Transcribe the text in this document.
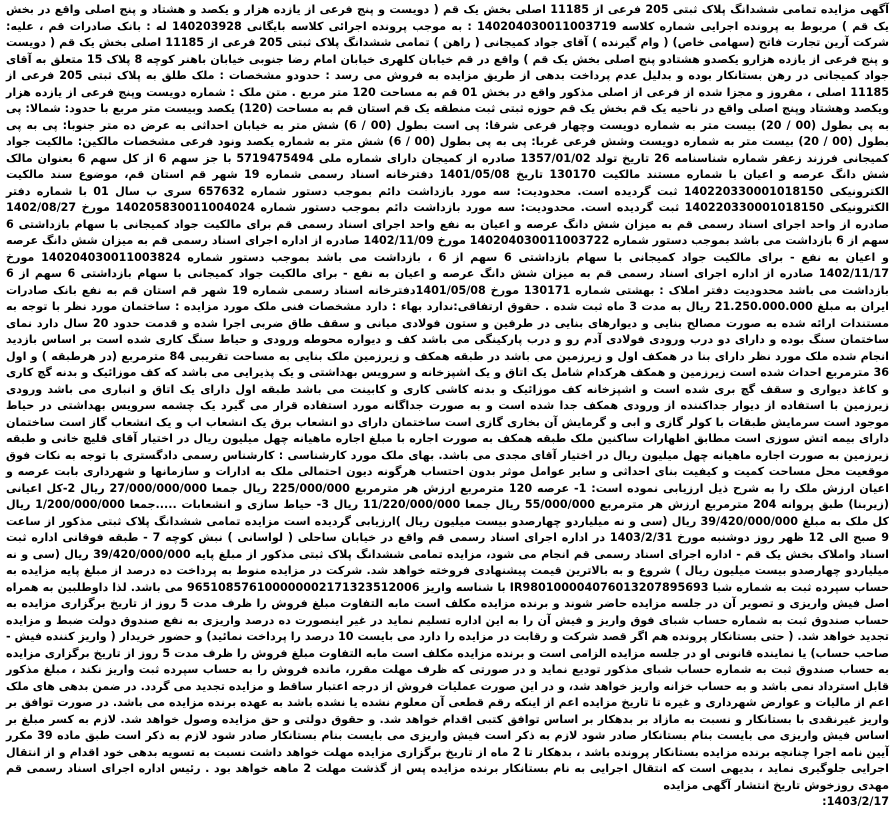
آگهی مزایده تمامی ششدانگ پلاک ثبتی 205 فرعی از 11185 اصلی بخش یک قم ( دویست و پنج فرعی از یازده هزار و یکصد و هشتاد و پنج اصلی واقع در بخش یک قم ) مربوط به پرونده اجرایی شماره کلاسه 140204030011003719 : به موجب پرونده اجرائی کلاسه بایگانی 140203928 له : بانک صادرات قم ، علیه: شرکت آرین تجارت فاتح (سهامی خاص) ( وام گیرنده ) آقای جواد کمیجانی ( راهن ) تمامی ششدانگ پلاک ثبتی 205 فرعی از 11185 اصلی بخش یک قم ( دویست و پنج فرعی از یازده هزارو یکصدو هشتادو پنج اصلی بخش یک قم ) واقع در قم خیابان کلهری خیابان امام رضا جنوبی خیابان باهنر کوچه 8 پلاک 15 متعلق به آقای جواد کمیجانی در رهن بستانکار بوده و بدلیل عدم پرداخت بدهی از طریق مزایده به فروش می رسد : حدودو مشخصات : ملک طلق به پلاک ثبتی 205 فرعی از 11185 اصلی ، مفروز و مجزا شده از فرعی از اصلی مذکور واقع در بخش 01 قم به مساحت 120 متر مربع . متن ملک : شماره دویست وپنج فرعی از یازده هزار ویکصد وهشتاد وپنج اصلی واقع در ناحیه یک قم بخش یک قم حوزه ثبتی ثبت منطقه یک قم استان قم به مساحت (120) یکصد وبیست متر مربع با حدود: شمالا: پی به پی بطول (00 / 20) بیست متر به شماره دویست وچهار فرعی شرقا: پی است بطول (00 / 6) شش متر به خیابان احداثی به عرض ده متر جنوبا: پی به پی بطول (00 / 20) بیست متر به شماره دویست وشش فرعی غربا: پی به پی بطول (00 / 6) شش متر به شماره یکصد ونود فرعی مشخصات مالکین: مالکیت جواد کمیجانی فرزند زعفر شماره شناسنامه 26 تاریخ تولد 1357/01/02 صادره از کمیجان دارای شماره ملی 5719475494 با جز سهم 6 از کل سهم 6 بعنوان مالک شش دانگ عرصه و اعیان با شماره مستند مالکیت 130170 تاریخ 1401/05/08 دفترخانه اسناد رسمی شماره 19 شهر قم استان قم، موضوع سند مالکیت الکترونیکی 140220330001018150 ثبت گردیده است. محدودیت: سه مورد بازداشت دائم بموجب دستور شماره 657632 سری ب سال 01 با شماره دفتر الکترونیکی 140220330001018150 ثبت گردیده است. محدودیت: سه مورد بازداشت دائم بموجب دستور شماره 140205830011004024 مورخ 1402/08/27 صادره از واحد اجرای اسناد رسمی قم به میزان شش دانگ عرصه و اعیان به نفع واحد اجرای اسناد رسمی قم برای مالکیت جواد کمیجانی با سهام بازداشتی 6 سهم از 6 بازداشت می باشد بموجب دستور شماره 140204030011003722 مورخ 1402/11/09 صادره از اداره اجرای اسناد رسمی قم به میزان شش دانگ عرصه و اعیان به نفع - برای مالکیت جواد کمیجانی با سهام بازداشتی 6 سهم از 6 ، بازداشت می باشد بموجب دستور شماره 140204030011003824 مورخ 1402/11/17 صادره از اداره اجرای اسناد رسمی قم به میزان شش دانگ عرصه و اعیان به نفع - برای مالکیت جواد کمیجانی با سهام بازداشتی 6 سهم از 6 بازداشت می باشد محدودیت دفتر املاک : بهشتی شماره 130171 مورخ 1401/05/08دفترخانه اسناد رسمی شماره 19 شهر قم استان قم به نفع بانک صادرات ایران به مبلغ 21.250.000.000 ریال به مدت 3 ماه ثبت شده . حقوق ارتفاقی:ندارد بهاء : دارد مشخصات فنی ملک مورد مزایده : ساختمان مورد نظر با توجه به مستندات ارائه شده به صورت مصالح بنایی و دیوارهای بنایی در طرفین و ستون فولادی میانی و سقف طاق ضربی اجرا شده و قدمت حدود 20 سال دارد نمای ساختمان سنگ بوده و دارای دو درب ورودی فولادی آدم رو و درب پارکینگی می باشد کف و دیواره محوطه ورودی و حیاط سنگ کاری شده است بر اساس بازدید انجام شده ملک مورد نظر دارای بنا در همکف اول و زیرزمین می باشد در طبقه همکف و زیرزمین ملک بنایی به مساحت تقریبی 84 مترمربع (در هرطبقه ) و اول 36 مترمربع احداث شده است زیرزمین و همکف هرکدام شامل یک اتاق و یک اشپزخانه و سرویس بهداشتی و یک پذیرایی می باشد که کف موزائیک و بدنه گچ کاری و کاغذ دیواری و سقف گچ بری شده است و اشپزخانه کف موزائیک و بدنه کاشی کاری و کابینت می باشد طبقه اول دارای یک اتاق و انباری می باشد ورودی زیرزمین با استفاده از دیوار جداکننده از ورودی همکف جدا شده است و به صورت جداگانه مورد استفاده قرار می گیرد یک چشمه سرویس بهداشتی در حیاط موجود است سرمایش طبقات با کولر گازی و ابی و گرمایش آن بخاری گازی است ساختمان دارای دو انشعاب برق یک انشعاب اب و یک انشعاب گاز است ساختمان دارای بیمه اتش سوزی است مطابق اظهارات ساکنین ملک طبقه همکف به صورت اجاره با مبلغ اجاره ماهیانه چهل میلیون ریال در اختیار آقای قلیچ خانی و طبقه زیرزمین به صورت اجاره ماهیانه چهل میلیون ریال در اختیار آقای مجدی می باشد. بهای ملک مورد کارشناسی : کارشناس رسمی دادگستری با توجه به نکات فوق موقعیت محل مساحت کمیت و کیفیت بنای احداثی و سایر عوامل موثر بدون احتساب هرگونه دیون احتمالی ملک به ادارات و سازمانها و شهرداری بابت عرصه و اعیان ارزش ملک را به شرح ذیل ارزیابی نموده است: 1- عرصه 120 مترمربع ارزش هر مترمربع 225/000/000 ریال جمعا 27/000/000/000 ریال 2-کل اعیانی (زیربنا) طبق پروانه 204 مترمربع ارزش هر مترمربع 55/000/000 ریال جمعا 11/220/000/000 ریال 3- حیاط سازی و انشعابات .....جمعا 1/200/000/000 ریال کل ملک به مبلغ 39/420/000/000 ریال (سی و نه میلیاردو چهارصدو بیست میلیون ریال )ارزیابی گردیده است مزایده تمامی ششدانگ پلاک ثبتی مذکور از ساعت 9 صبح الی 12 ظهر روز دوشنبه مورخ 1403/2/31 در اداره اجرای اسناد رسمی قم واقع در خیابان ساحلی ( لواسانی ) نبش کوچه 7 - طبقه فوقانی اداره ثبت اسناد واملاک بخش یک قم - اداره اجرای اسناد رسمی قم انجام می شود، مزایده تمامی ششدانگ پلاک ثبتی مذکور از مبلغ پایه 39/420/000/000 ریال (سی و نه میلیاردو چهارصدو بیست میلیون ریال ) شروع و به بالاترین قیمت پیشنهادی فروخته خواهد شد. شرکت در مزایده منوط به پرداخت ده درصد از مبلغ پایه مزایده به حساب سپرده ثبت به شماره شبا IR980100004076013207895693 با شناسه واریز 965108576100000002171323512006 می باشد. لذا داوطلبین به همراه اصل فیش واریزی و تصویر آن در جلسه مزایده حاضر شوند و برنده مزایده مکلف است مابه التفاوت مبلغ فروش را ظرف مدت 5 روز از تاریخ برگزاری مزایده به حساب صندوق ثبت به شماره حساب شبای فوق واریز و فیش آن را به این اداره تسلیم نماید در غیر اینصورت ده درصد واریزی به نفع صندوق دولت ضبط و مزایده تجدید خواهد شد. ( حتی بستانکار پرونده هم اگر قصد شرکت و رقابت در مزایده را دارد می بایست 10 درصد را پرداخت نمائید) و حضور خریدار ( واریز کننده فیش - صاحب حساب) یا نماینده قانونی او در جلسه مزایده الزامی است و برنده مزایده مکلف است مابه التفاوت مبلغ فروش را ظرف مدت 5 روز از تاریخ برگزاری مزایده به حساب صندوق ثبت به شماره حساب شبای مذکور تودیع نماید و در صورتی که ظرف مهلت مقرر، مانده فروش را به حساب سپرده ثبت واریز نکند ، مبلغ مذکور قابل استرداد نمی باشد و به حساب خزانه واریز خواهد شد، و در این صورت عملیات فروش از درجه اعتبار ساقط و مزایده تجدید می گردد. در ضمن بدهی های ملک اعم از مالیات و عوارض شهرداری و غیره تا تاریخ مزایده اعم از اینکه رقم قطعی آن معلوم نشده یا نشده باشد به عهده برنده مزایده می باشد. در صورت توافق بر واریز غیرنقدی با بستانکار و نسبت به مازاد بر بدهکار بر اساس توافق کتبی اقدام خواهد شد. و حقوق دولتی و حق مزایده وصول خواهد شد. لازم به کسر مبلغ بر اساس فیش واریزی می بایست بنام بستانکار صادر شود لازم به ذکر است فیش واریزی می بایست بنام بستانکار صادر شود لازم به ذکر است طبق ماده 39 مکرر آیین نامه اجرا چنانچه برنده مزایده بستانکار پرونده باشد ، بدهکار تا 2 ماه از تاریخ برگزاری مزایده مهلت خواهد داشت نسبت به تسویه بدهی خود اقدام و از انتقال اجرایی جلوگیری نماید ، بدیهی است که انتقال اجرایی به نام بستانکار برنده مزایده پس از گذشت مهلت 2 ماهه خواهد بود . رئیس اداره اجرای اسناد رسمی قم مهدی روزخوش تاریخ انتشار آگهی مزایده

1403/2/17:
